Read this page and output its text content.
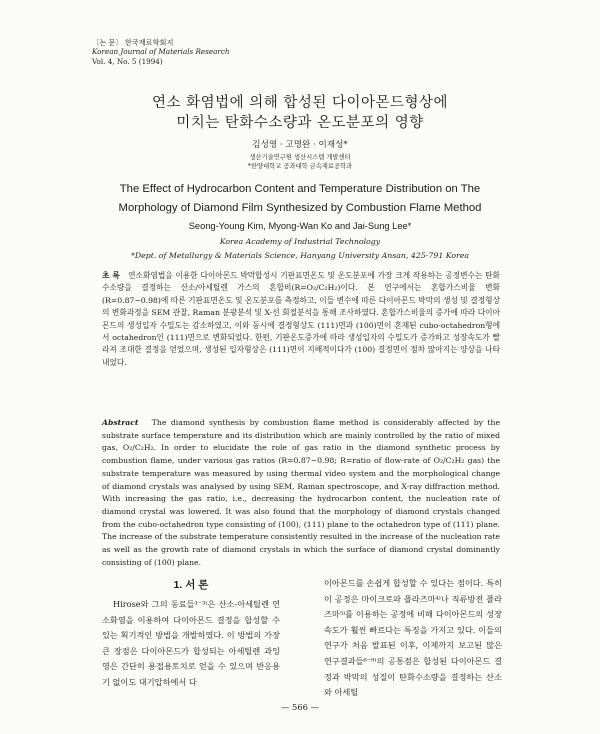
〔논 문〕 한국재료학회지
Korean Journal of Materials Research
Vol. 4, No. 5 (1994)
연소 화염법에 의해 합성된 다이아몬드형상에
미치는 탄화수소량과 온도분포의 영향
김성영 · 고명완 · 이재성*
생산기술연구원 생산시스템 개발센터
*한양대학교 공과대학 금속재료공학과
The Effect of Hydrocarbon Content and Temperature Distribution on The
Morphology of Diamond Film Synthesized by Combustion Flame Method
Seong-Young Kim, Myong-Wan Ko and Jai-Sung Lee*
Korea Academy of Industrial Technology
*Dept. of Metallurgy & Materials Science, Hanyang University Ansan, 425-791 Korea
초 록 연소화염법을 이용한 다이아몬드 박막합성시 기판표면온도 및 온도분포에 가장 크게 작용하는 공정변수는 탄화수소량을 결정하는 산소/아세틸렌 가스의 혼합비(R=O₂/C₂H₂)이다. 본 연구에서는 혼합가스비율 변화(R=0.87~0.98)에 따른 기판표면온도 및 온도분포를 측정하고, 이들 변수에 따른 다이아몬드 박막의 생성 및 결정형상의 변화과정을 SEM 관찰, Raman 분광분석 및 X-선 회절분석을 통해 조사하였다. 혼합가스비율의 증가에 따라 다이아몬드의 생성입자 수밀도는 감소하였고, 이와 동시에 결정형상도 (111)면과 (100)면이 혼재된 cubo-octahedron형에서 octahedron인 (111)면으로 변화되었다. 한편, 기판온도증가에 따라 생성입자의 수밀도가 증가하고 성장속도가 빨라져 조대한 결정을 얻었으며, 생성된 입자형상은 (111)면이 지배적이다가 (100) 결정면이 점차 많아지는 양상을 나타내었다.
Abstract The diamond synthesis by combustion flame method is considerably affected by the substrate surface temperature and its distribution which are mainly controlled by the ratio of mixed gas, O₂/C₂H₂. In order to elucidate the role of gas ratio in the diamond synthetic process by combustion flame, under various gas ratios (R=0.87~0.98; R=ratio of flow-rate of O₂/C₂H₂ gas) the substrate temperature was measured by using thermal video system and the morphological change of diamond crystals was analysed by using SEM, Raman spectroscope, and X-ray diffraction method. With increasing the gas ratio, i.e., decreasing the hydrocarbon content, the nucleation rate of diamond crystal was lowered. It was also found that the morphology of diamond crystals changed from the cubo-octahedron type consisting of (100), (111) plane to the octahedron type of (111) plane. The increase of the substrate temperature consistently resulted in the increase of the nucleation rate as well as the growth rate of diamond crystals in which the surface of diamond crystal dominantly consisting of (100) plane.
1. 서 론
Hirose와 그의 동료들¹⁻³⁾은 산소-아세틸렌 연소화염을 이용하여 다이아몬드 결정을 합성할 수 있는 획기적인 방법을 개발하였다. 이 방법의 가장 큰 장점은 다이아몬드가 합성되는 아세틸렌 과잉영은 간단히 용접용토치로 얻을 수 있으며 반응용기 없이도 대기압하에서 다
이아몬드를 손쉽게 합성할 수 있다는 점이다. 특히 이 공정은 마이크로파 플라즈마⁴⁾나 직류방전 플라즈마⁵⁾를 이용하는 공정에 비해 다이아몬드의 성장속도가 훨씬 빠르다는 특징을 가지고 있다. 이들의 연구가 처음 발표된 이후, 이제까지 보고된 많은 연구결과들⁶⁻⁹⁾의 공통점은 합성된 다이아몬드 결정과 박막의 성질이 탄화수소량을 결정하는 산소와 아세틸
— 566 —
